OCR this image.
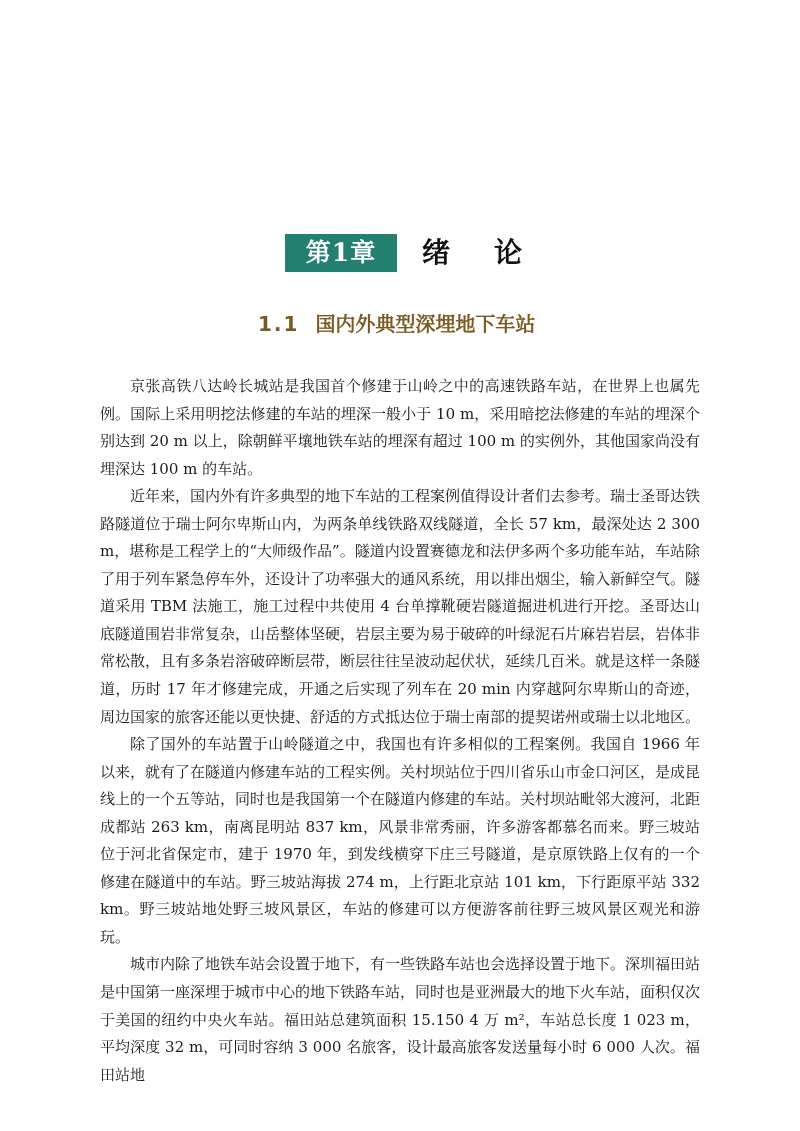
第1章	绪论
1.1 国内外典型深埋地下车站

京张高铁八达岭长城站是我国首个修建于山岭之中的高速铁路车站，在世界上也属先例。国际上采用明挖法修建的车站的埋深一般小于 10 m，采用暗挖法修建的车站的埋深个别达到 20 m 以上，除朝鲜平壤地铁车站的埋深有超过 100 m 的实例外，其他国家尚没有埋深达 100 m 的车站。

近年来，国内外有许多典型的地下车站的工程案例值得设计者们去参考。瑞士圣哥达铁路隧道位于瑞士阿尔卑斯山内，为两条单线铁路双线隧道，全长 57 km，最深处达 2 300 m，堪称是工程学上的“大师级作品”。隧道内设置赛德龙和法伊多两个多功能车站，车站除了用于列车紧急停车外，还设计了功率强大的通风系统，用以排出烟尘，输入新鲜空气。隧道采用 TBM 法施工，施工过程中共使用 4 台单撑靴硬岩隧道掘进机进行开挖。圣哥达山底隧道围岩非常复杂，山岳整体坚硬，岩层主要为易于破碎的叶绿泥石片麻岩岩层，岩体非常松散，且有多条岩溶破碎断层带，断层往往呈波动起伏状，延续几百米。就是这样一条隧道，历时 17 年才修建完成，开通之后实现了列车在 20 min 内穿越阿尔卑斯山的奇迹，周边国家的旅客还能以更快捷、舒适的方式抵达位于瑞士南部的提契诺州或瑞士以北地区。

除了国外的车站置于山岭隧道之中，我国也有许多相似的工程案例。我国自 1966 年以来，就有了在隧道内修建车站的工程实例。关村坝站位于四川省乐山市金口河区，是成昆线上的一个五等站，同时也是我国第一个在隧道内修建的车站。关村坝站毗邻大渡河，北距成都站 263 km，南离昆明站 837 km，风景非常秀丽，许多游客都慕名而来。野三坡站位于河北省保定市，建于 1970 年，到发线横穿下庄三号隧道，是京原铁路上仅有的一个修建在隧道中的车站。野三坡站海拔 274 m，上行距北京站 101 km，下行距原平站 332 km。野三坡站地处野三坡风景区，车站的修建可以方便游客前往野三坡风景区观光和游玩。

城市内除了地铁车站会设置于地下，有一些铁路车站也会选择设置于地下。深圳福田站是中国第一座深埋于城市中心的地下铁路车站，同时也是亚洲最大的地下火车站，面积仅次于美国的纽约中央火车站。福田站总建筑面积 15.150 4 万 m²，车站总长度 1 023 m，平均深度 32 m，可同时容纳 3 000 名旅客，设计最高旅客发送量每小时 6 000 人次。福田站地
